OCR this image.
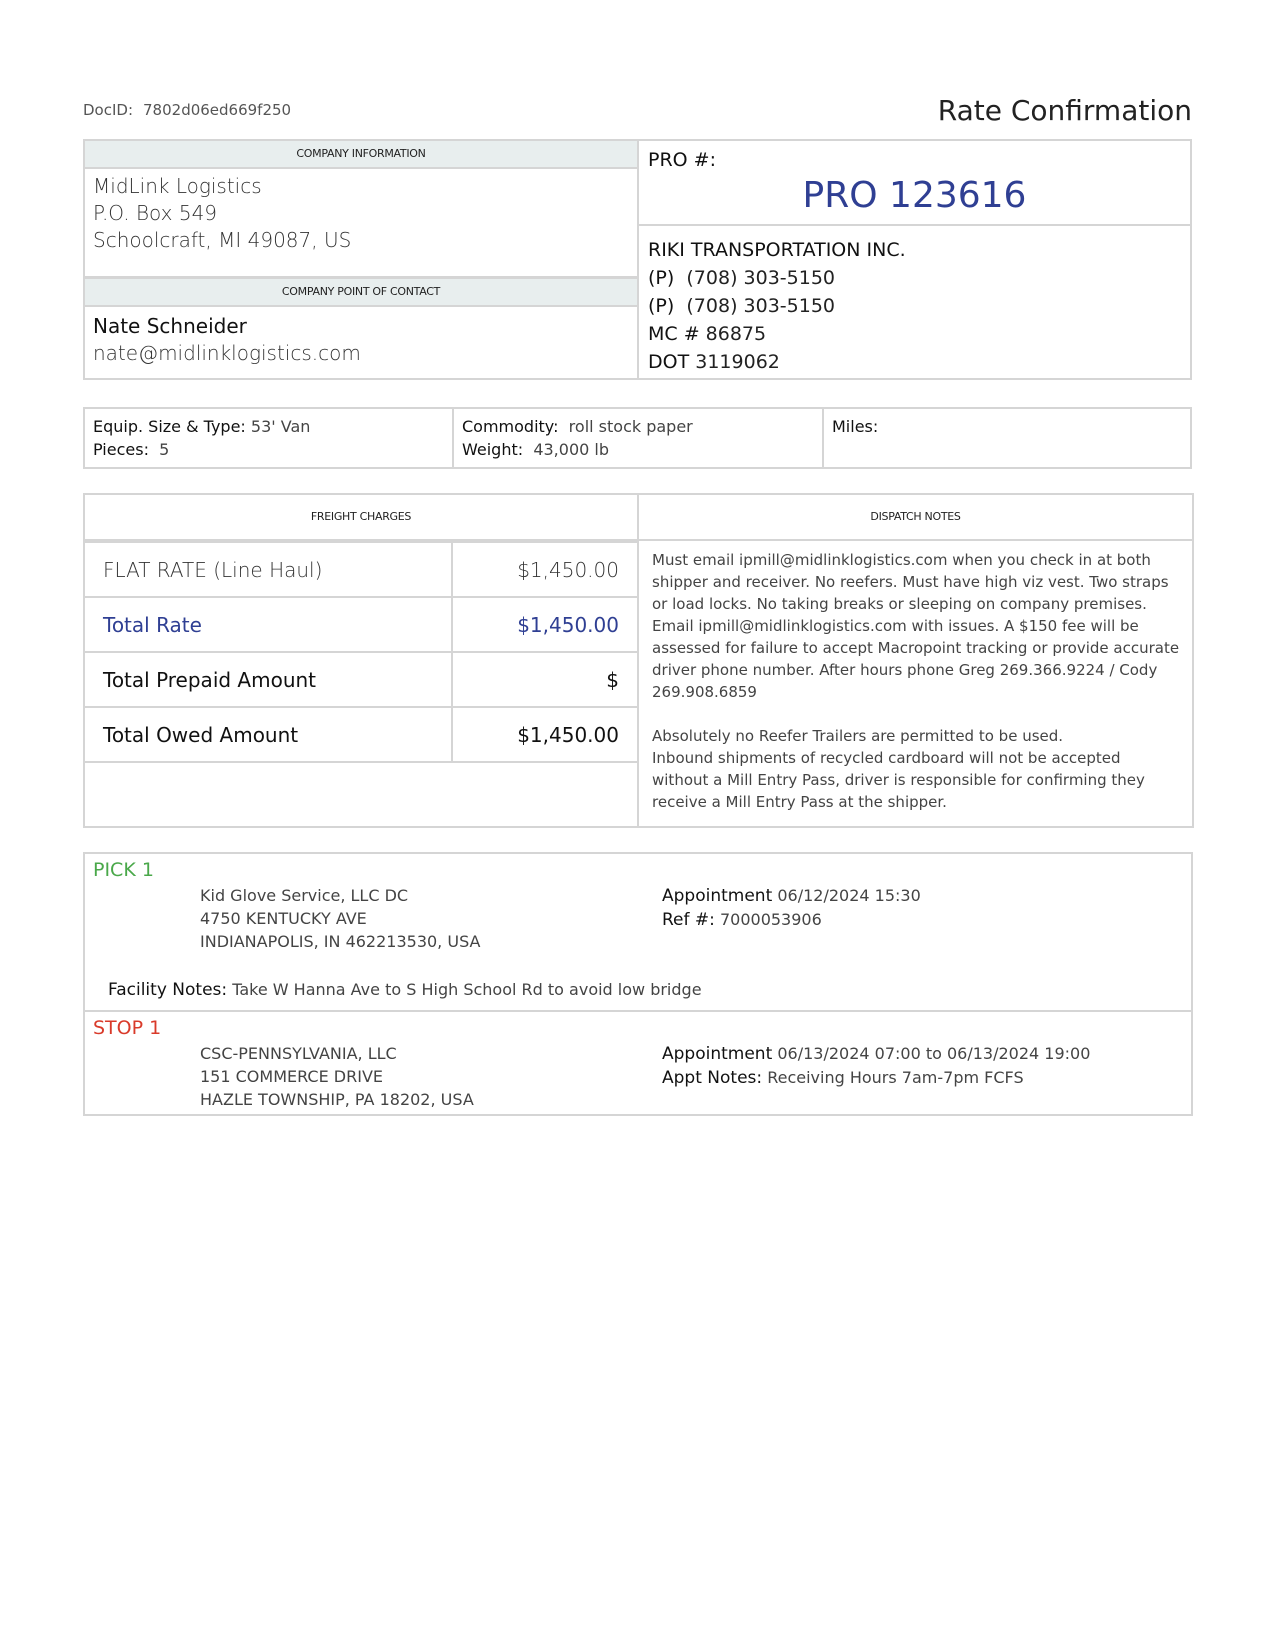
DocID: 7802d06ed669f250	Rate Confirmation
COMPANY INFORMATION
MidLink Logistics
P.O. Box 549
Schoolcraft, MI 49087, US
COMPANY POINT OF CONTACT
Nate Schneider
nate@midlinklogistics.com
PRO #:
PRO 123616
RIKI TRANSPORTATION INC.
(P) (708) 303-5150
(P) (708) 303-5150
MC # 86875
DOT 3119062
Equip. Size & Type: 53' Van
Pieces: 5
Commodity: roll stock paper
Weight: 43,000 lb
Miles:
FREIGHT CHARGES
FLAT RATE (Line Haul)	$1,450.00
Total Rate	$1,450.00
Total Prepaid Amount	$
Total Owed Amount	$1,450.00
DISPATCH NOTES
Must email ipmill@midlinklogistics.com when you check in at both shipper and receiver. No reefers. Must have high viz vest. Two straps or load locks. No taking breaks or sleeping on company premises. Email ipmill@midlinklogistics.com with issues. A $150 fee will be assessed for failure to accept Macropoint tracking or provide accurate driver phone number. After hours phone Greg 269.366.9224 / Cody 269.908.6859
Absolutely no Reefer Trailers are permitted to be used.
Inbound shipments of recycled cardboard will not be accepted without a Mill Entry Pass, driver is responsible for confirming they receive a Mill Entry Pass at the shipper.
PICK 1
Kid Glove Service, LLC DC
4750 KENTUCKY AVE
INDIANAPOLIS, IN 462213530, USA
Appointment 06/12/2024 15:30
Ref #: 7000053906
Facility Notes: Take W Hanna Ave to S High School Rd to avoid low bridge
STOP 1
CSC-PENNSYLVANIA, LLC
151 COMMERCE DRIVE
HAZLE TOWNSHIP, PA 18202, USA
Appointment 06/13/2024 07:00 to 06/13/2024 19:00
Appt Notes: Receiving Hours 7am-7pm FCFS
